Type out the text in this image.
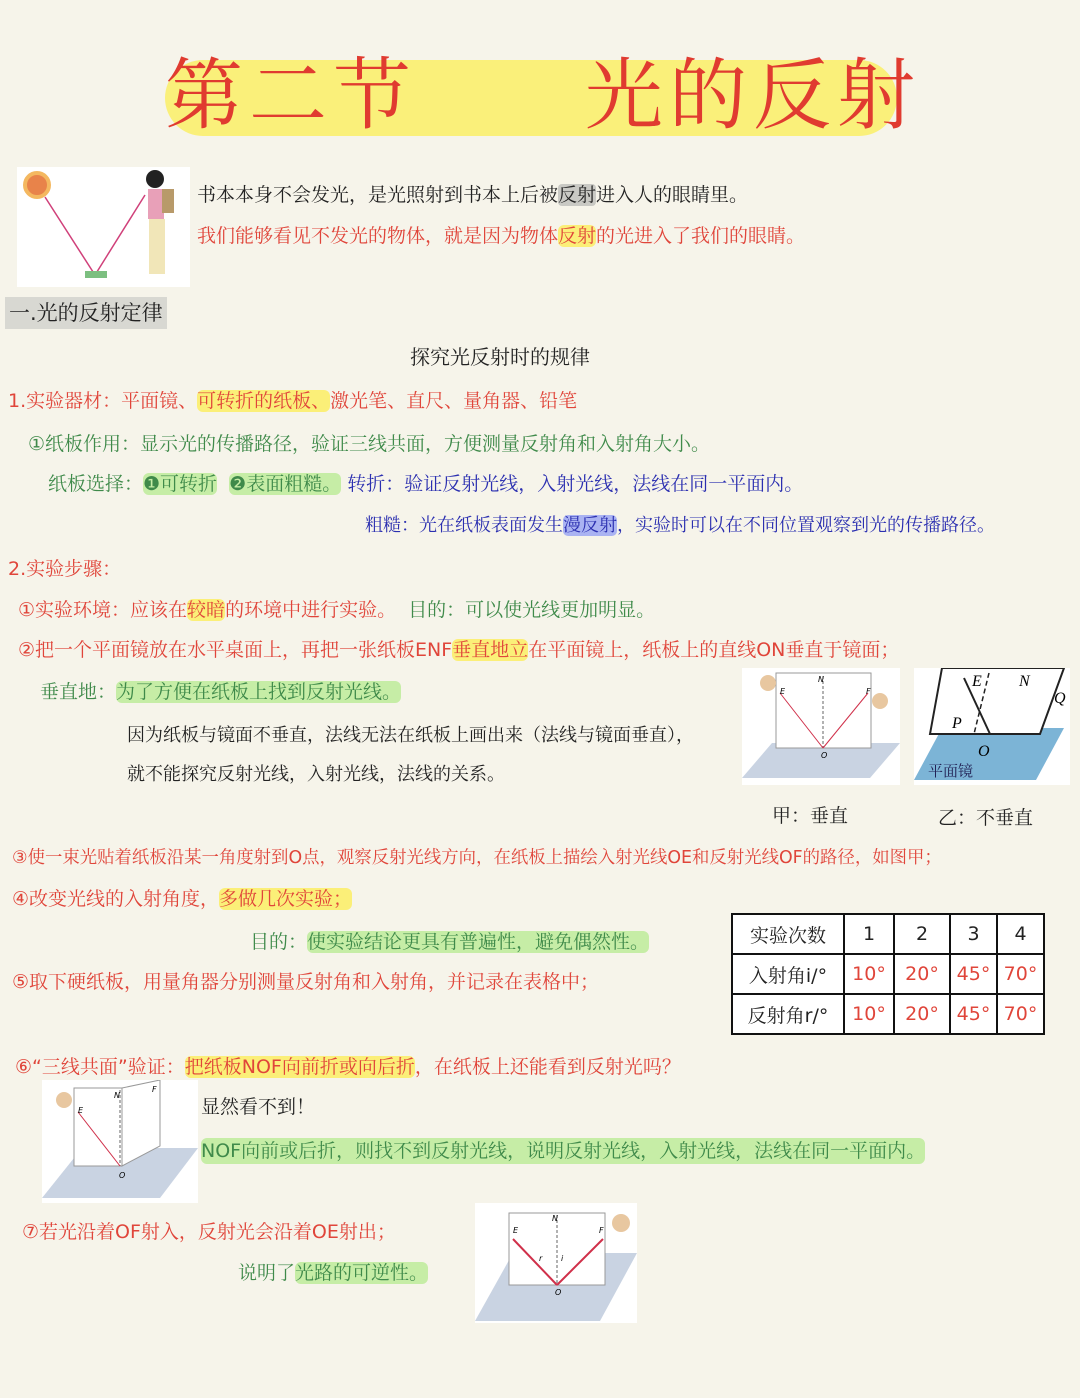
第二节　　光的反射
书本本身不会发光，是光照射到书本上后被反射进入人的眼睛里。
我们能够看见不发光的物体，就是因为物体反射的光进入了我们的眼睛。
一.光的反射定律
探究光反射时的规律
1.实验器材：平面镜、可转折的纸板、激光笔、直尺、量角器、铅笔
①纸板作用：显示光的传播路径，验证三线共面，方便测量反射角和入射角大小。
纸板选择：❶可转折 ❷表面粗糙。 转折：验证反射光线，入射光线，法线在同一平面内。
粗糙：光在纸板表面发生漫反射，实验时可以在不同位置观察到光的传播路径。
2.实验步骤：
①实验环境：应该在较暗的环境中进行实验。 目的：可以使光线更加明显。
②把一个平面镜放在水平桌面上，再把一张纸板ENF垂直地立在平面镜上，纸板上的直线ON垂直于镜面；
垂直地：为了方便在纸板上找到反射光线。
因为纸板与镜面不垂直，法线无法在纸板上画出来（法线与镜面垂直），
就不能探究反射光线，入射光线，法线的关系。
E
N
F
O
E N
Q
P
O
平面镜
甲：垂直	乙：不垂直
③使一束光贴着纸板沿某一角度射到O点，观察反射光线方向，在纸板上描绘入射光线OE和反射光线OF的路径，如图甲；
④改变光线的入射角度，多做几次实验；
目的：使实验结论更具有普遍性，避免偶然性。
⑤取下硬纸板，用量角器分别测量反射角和入射角，并记录在表格中；
实验次数	1	2	3	4
入射角i/°	10°	20°	45°	70°
反射角r/°	10°	20°	45°	70°
⑥“三线共面”验证：把纸板NOF向前折或向后折，在纸板上还能看到反射光吗？
E
N
F
O
显然看不到！
NOF向前或后折，则找不到反射光线，说明反射光线，入射光线，法线在同一平面内。
⑦若光沿着OF射入，反射光会沿着OE射出；
说明了光路的可逆性。
E
N
F
O
r i
